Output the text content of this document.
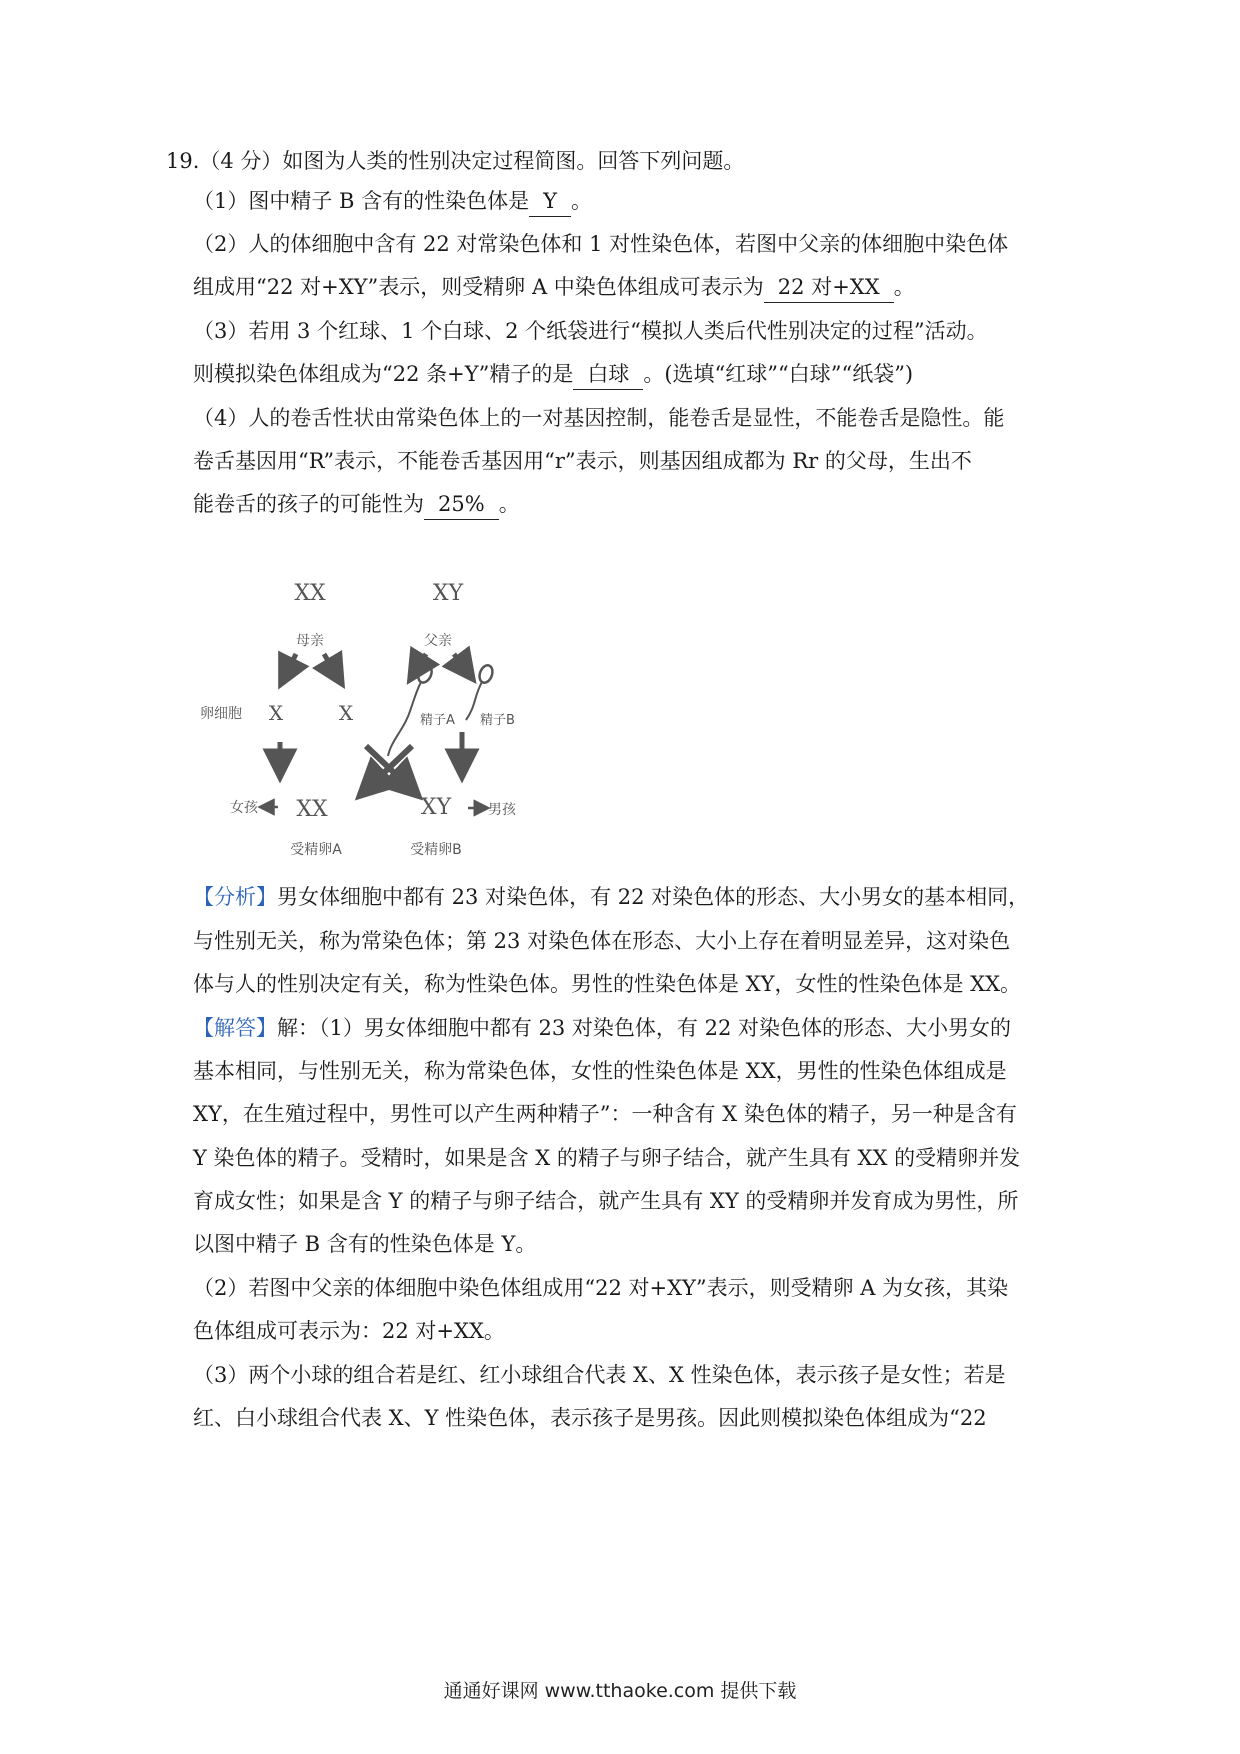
19.（4 分）如图为人类的性别决定过程简图。回答下列问题。
（1）图中精子 B 含有的性染色体是 Y 。
（2）人的体细胞中含有 22 对常染色体和 1 对性染色体，若图中父亲的体细胞中染色体
组成用“22 对+XY”表示，则受精卵 A 中染色体组成可表示为 22 对+XX 。
（3）若用 3 个红球、1 个白球、2 个纸袋进行“模拟人类后代性别决定的过程”活动。
则模拟染色体组成为“22 条+Y”精子的是 白球 。(选填“红球”“白球”“纸袋”)
（4）人的卷舌性状由常染色体上的一对基因控制，能卷舌是显性，不能卷舌是隐性。能
卷舌基因用“R”表示，不能卷舌基因用“r”表示，则基因组成都为 Rr 的父母，生出不
能卷舌的孩子的可能性为 25% 。
XX	XY
母亲	父亲
卵细胞 X	X	精子A 精子B
女孩 XX	XY	男孩
受精卵A	受精卵B
【分析】男女体细胞中都有 23 对染色体，有 22 对染色体的形态、大小男女的基本相同，
与性别无关，称为常染色体；第 23 对染色体在形态、大小上存在着明显差异，这对染色
体与人的性别决定有关，称为性染色体。男性的性染色体是 XY，女性的性染色体是 XX。
【解答】解：（1）男女体细胞中都有 23 对染色体，有 22 对染色体的形态、大小男女的
基本相同，与性别无关，称为常染色体，女性的性染色体是 XX，男性的性染色体组成是
XY，在生殖过程中，男性可以产生两种精子”：一种含有 X 染色体的精子，另一种是含有
Y 染色体的精子。受精时，如果是含 X 的精子与卵子结合，就产生具有 XX 的受精卵并发
育成女性；如果是含 Y 的精子与卵子结合，就产生具有 XY 的受精卵并发育成为男性，所
以图中精子 B 含有的性染色体是 Y。
（2）若图中父亲的体细胞中染色体组成用“22 对+XY”表示，则受精卵 A 为女孩，其染
色体组成可表示为：22 对+XX。
（3）两个小球的组合若是红、红小球组合代表 X、X 性染色体，表示孩子是女性；若是
红、白小球组合代表 X、Y 性染色体，表示孩子是男孩。因此则模拟染色体组成为“22
通通好课网 www.tthaoke.com 提供下载
